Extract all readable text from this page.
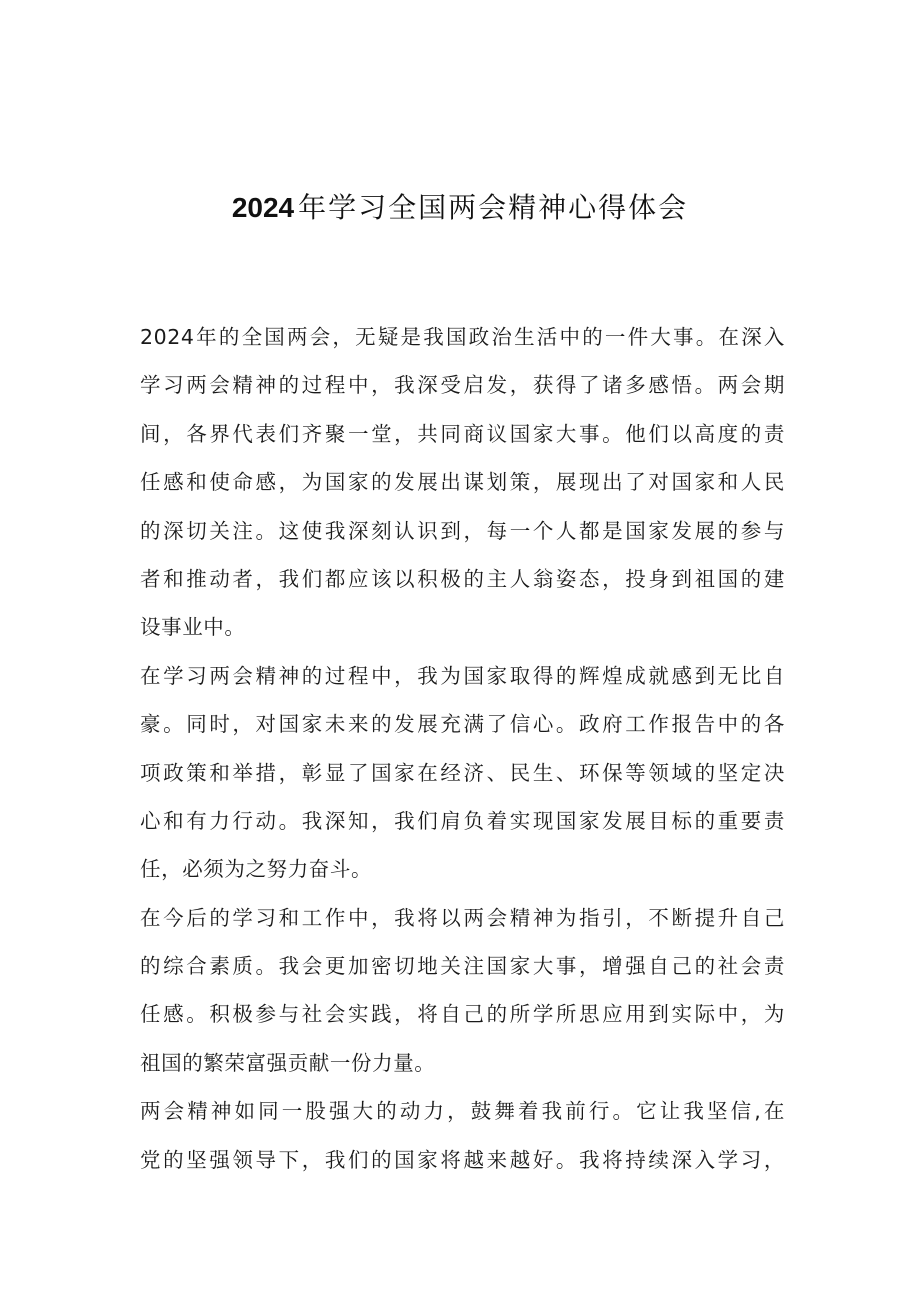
2024 年学习全国两会精神心得体会
2024年的全国两会，无疑是我国政治生活中的一件大事。在深入
学习两会精神的过程中，我深受启发，获得了诸多感悟。两会期
间，各界代表们齐聚一堂，共同商议国家大事。他们以高度的责
任感和使命感，为国家的发展出谋划策，展现出了对国家和人民
的深切关注。这使我深刻认识到，每一个人都是国家发展的参与
者和推动者，我们都应该以积极的主人翁姿态，投身到祖国的建
设事业中。
在学习两会精神的过程中，我为国家取得的辉煌成就感到无比自
豪。同时，对国家未来的发展充满了信心。政府工作报告中的各
项政策和举措，彰显了国家在经济、民生、环保等领域的坚定决
心和有力行动。我深知，我们肩负着实现国家发展目标的重要责
任，必须为之努力奋斗。
在今后的学习和工作中，我将以两会精神为指引，不断提升自己
的综合素质。我会更加密切地关注国家大事，增强自己的社会责
任感。积极参与社会实践，将自己的所学所思应用到实际中，为
祖国的繁荣富强贡献一份力量。
两会精神如同一股强大的动力，鼓舞着我前行。它让我坚信,在
党的坚强领导下，我们的国家将越来越好。我将持续深入学习，
